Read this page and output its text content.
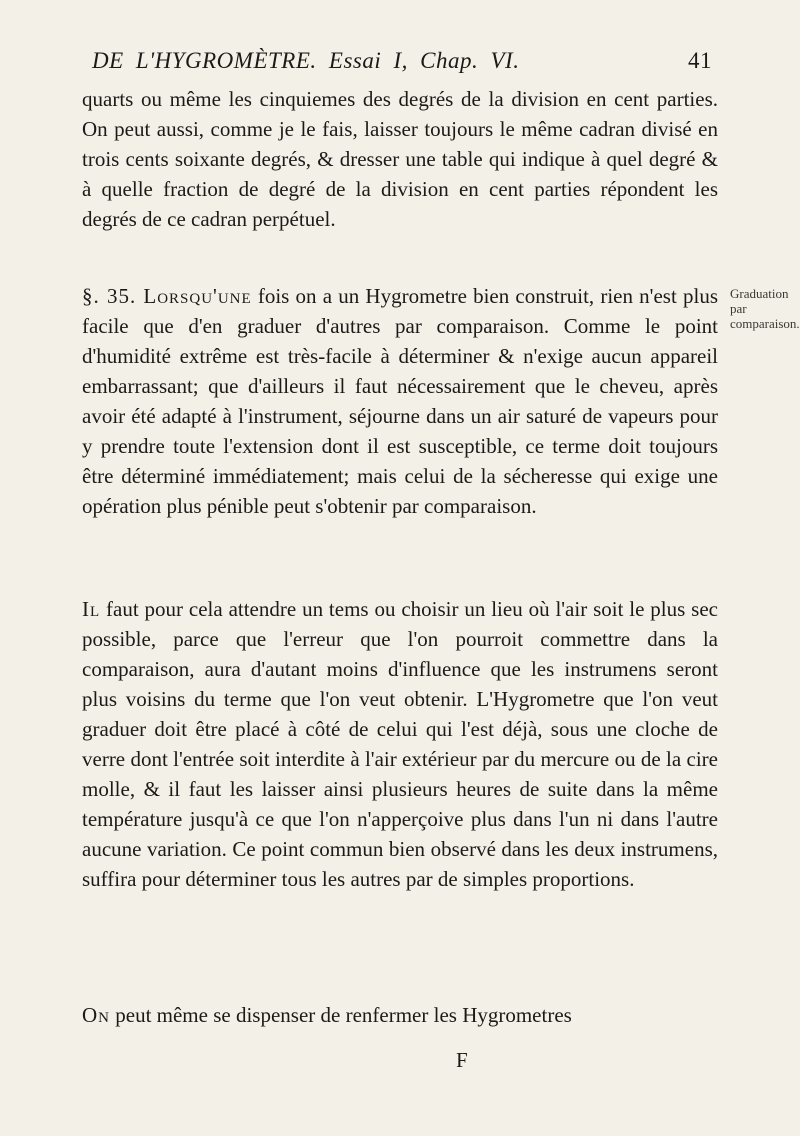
DE L'HYGROMÈTRE. Essai I, Chap. VI.	41

quarts ou même les cinquiemes des degrés de la division en cent parties. On peut aussi, comme je le fais, laisser toujours le même cadran divisé en trois cents soixante degrés, & dresser une table qui indique à quel degré & à quelle fraction de degré de la division en cent parties répondent les degrés de ce cadran perpétuel.

§. 35. Lorsqu'une fois on a un Hygrometre bien construit, rien n'est plus facile que d'en graduer d'autres par comparaison. Comme le point d'humidité extrême est très-facile à déterminer & n'exige aucun appareil embarrassant; que d'ailleurs il faut nécessairement que le cheveu, après avoir été adapté à l'instrument, séjourne dans un air saturé de vapeurs pour y prendre toute l'extension dont il est susceptible, ce terme doit toujours être déterminé immédiatement; mais celui de la sécheresse qui exige une opération plus pénible peut s'obtenir par comparaison.

Graduation par comparaison.

Il faut pour cela attendre un tems ou choisir un lieu où l'air soit le plus sec possible, parce que l'erreur que l'on pourroit commettre dans la comparaison, aura d'autant moins d'influence que les instrumens seront plus voisins du terme que l'on veut obtenir. L'Hygrometre que l'on veut graduer doit être placé à côté de celui qui l'est déjà, sous une cloche de verre dont l'entrée soit interdite à l'air extérieur par du mercure ou de la cire molle, & il faut les laisser ainsi plusieurs heures de suite dans la même température jusqu'à ce que l'on n'apperçoive plus dans l'un ni dans l'autre aucune variation. Ce point commun bien observé dans les deux instrumens, suffira pour déterminer tous les autres par de simples proportions.

On peut même se dispenser de renfermer les Hygrometres

F
